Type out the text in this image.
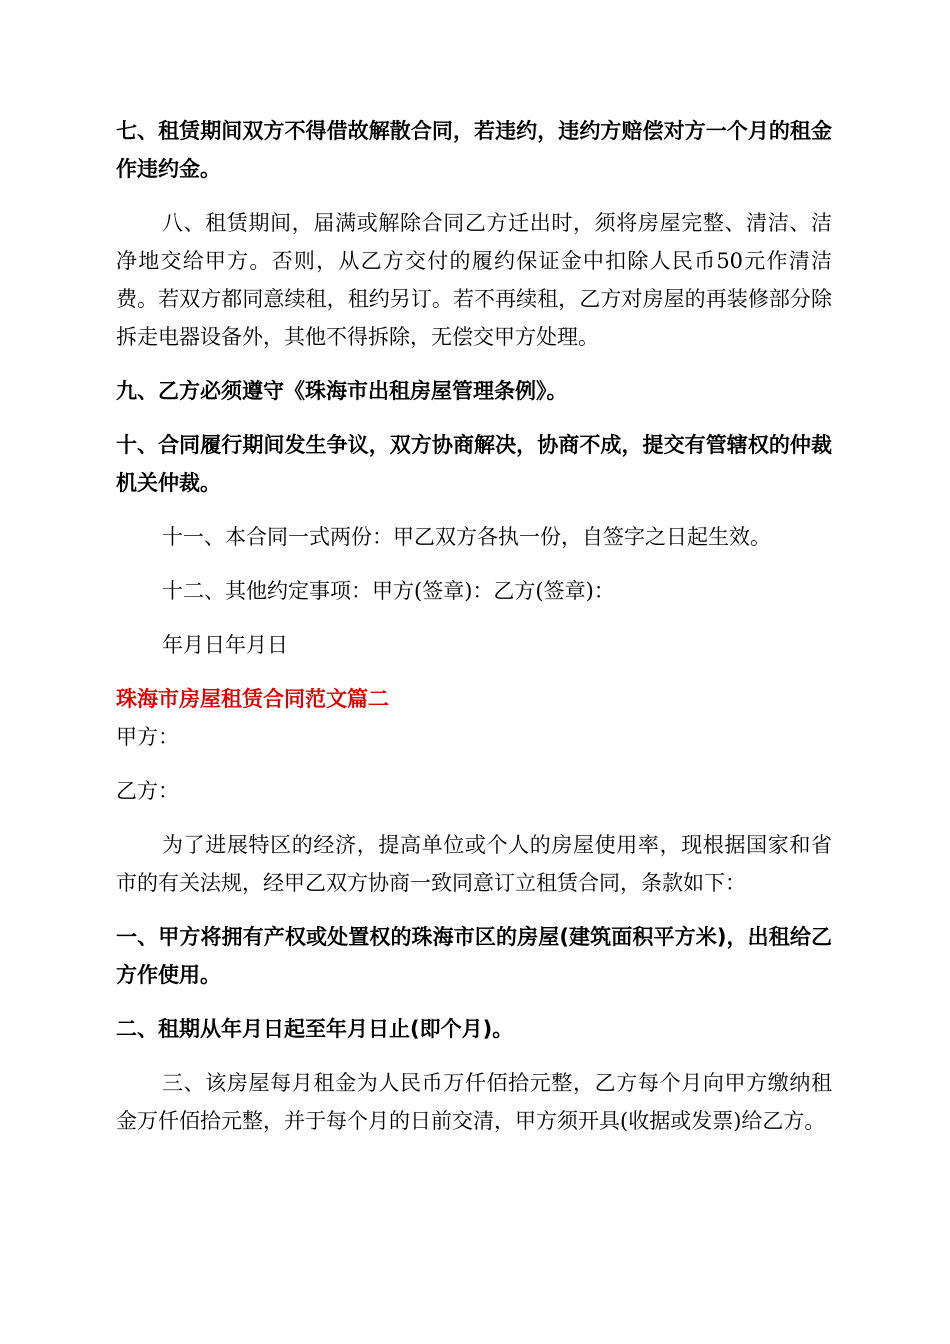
七、租赁期间双方不得借故解散合同，若违约，违约方赔偿对方一个月的租金作违约金。

八、租赁期间，届满或解除合同乙方迁出时，须将房屋完整、清洁、洁净地交给甲方。否则，从乙方交付的履约保证金中扣除人民币50元作清洁费。若双方都同意续租，租约另订。若不再续租，乙方对房屋的再装修部分除拆走电器设备外，其他不得拆除，无偿交甲方处理。

九、乙方必须遵守《珠海市出租房屋管理条例》。

十、合同履行期间发生争议，双方协商解决，协商不成，提交有管辖权的仲裁机关仲裁。

十一、本合同一式两份：甲乙双方各执一份，自签字之日起生效。

十二、其他约定事项：甲方(签章)：乙方(签章)：

年月日年月日

珠海市房屋租赁合同范文篇二

甲方：

乙方：

为了进展特区的经济，提高单位或个人的房屋使用率，现根据国家和省市的有关法规，经甲乙双方协商一致同意订立租赁合同，条款如下：

一、甲方将拥有产权或处置权的珠海市区的房屋(建筑面积平方米)，出租给乙方作使用。

二、租期从年月日起至年月日止(即个月)。

三、该房屋每月租金为人民币万仟佰拾元整，乙方每个月向甲方缴纳租金万仟佰拾元整，并于每个月的日前交清，甲方须开具(收据或发票)给乙方。
